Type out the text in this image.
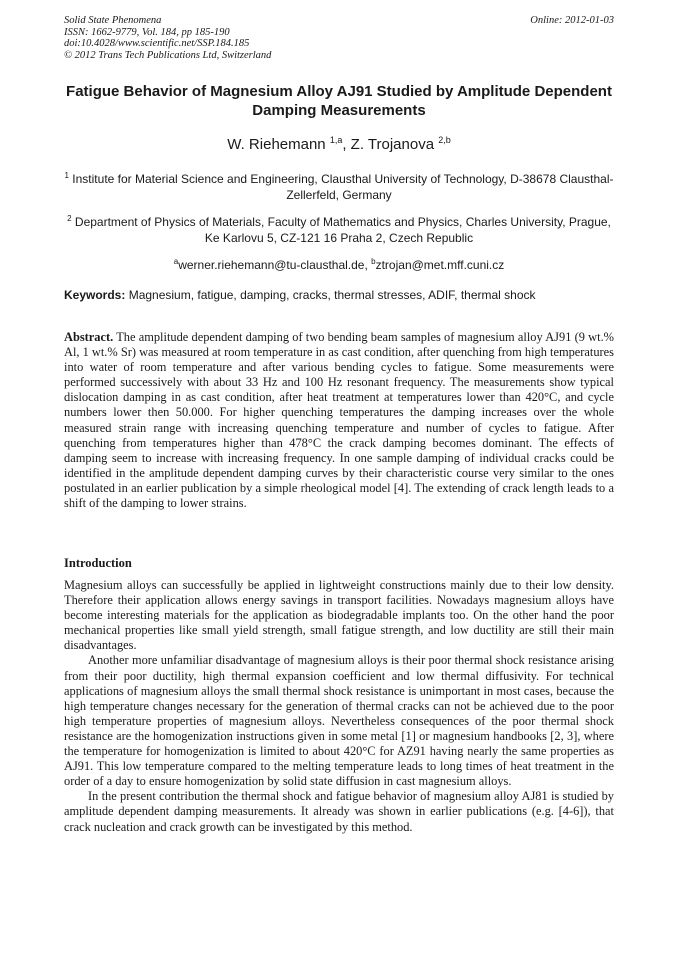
Solid State Phenomena
ISSN: 1662-9779, Vol. 184, pp 185-190
doi:10.4028/www.scientific.net/SSP.184.185
© 2012 Trans Tech Publications Ltd, Switzerland
Online: 2012-01-03
Fatigue Behavior of Magnesium Alloy AJ91 Studied by Amplitude Dependent Damping Measurements
W. Riehemann $^{1,a}$, Z. Trojanova $^{2,b}$
$^1$ Institute for Material Science and Engineering, Clausthal University of Technology, D-38678 Clausthal-Zellerfeld, Germany
$^2$ Department of Physics of Materials, Faculty of Mathematics and Physics, Charles University, Prague, Ke Karlovu 5, CZ-121 16 Praha 2, Czech Republic
$^a$werner.riehemann@tu-clausthal.de, $^b$ztrojan@met.mff.cuni.cz
Keywords: Magnesium, fatigue, damping, cracks, thermal stresses, ADIF, thermal shock
Abstract. The amplitude dependent damping of two bending beam samples of magnesium alloy AJ91 (9 wt.% Al, 1 wt.% Sr) was measured at room temperature in as cast condition, after quenching from high temperatures into water of room temperature and after various bending cycles to fatigue. Some measurements were performed successively with about 33 Hz and 100 Hz resonant frequency. The measurements show typical dislocation damping in as cast condition, after heat treatment at temperatures lower than 420°C, and cycle numbers lower then 50.000. For higher quenching temperatures the damping increases over the whole measured strain range with increasing quenching temperature and number of cycles to fatigue. After quenching from temperatures higher than 478°C the crack damping becomes dominant. The effects of damping seem to increase with increasing frequency. In one sample damping of individual cracks could be identified in the amplitude dependent damping curves by their characteristic course very similar to the ones postulated in an earlier publication by a simple rheological model [4]. The extending of crack length leads to a shift of the damping to lower strains.
Introduction

Magnesium alloys can successfully be applied in lightweight constructions mainly due to their low density. Therefore their application allows energy savings in transport facilities. Nowadays magnesium alloys have become interesting materials for the application as biodegradable implants too. On the other hand the poor mechanical properties like small yield strength, small fatigue strength, and low ductility are still their main disadvantages.

Another more unfamiliar disadvantage of magnesium alloys is their poor thermal shock resistance arising from their poor ductility, high thermal expansion coefficient and low thermal diffusivity. For technical applications of magnesium alloys the small thermal shock resistance is unimportant in most cases, because the high temperature changes necessary for the generation of thermal cracks can not be achieved due to the poor high temperature properties of magnesium alloys. Nevertheless consequences of the poor thermal shock resistance are the homogenization instructions given in some metal [1] or magnesium handbooks [2, 3], where the temperature for homogenization is limited to about 420°C for AZ91 having nearly the same properties as AJ91. This low temperature compared to the melting temperature leads to long times of heat treatment in the order of a day to ensure homogenization by solid state diffusion in cast magnesium alloys.

In the present contribution the thermal shock and fatigue behavior of magnesium alloy AJ81 is studied by amplitude dependent damping measurements. It already was shown in earlier publications (e.g. [4-6]), that crack nucleation and crack growth can be investigated by this method.
